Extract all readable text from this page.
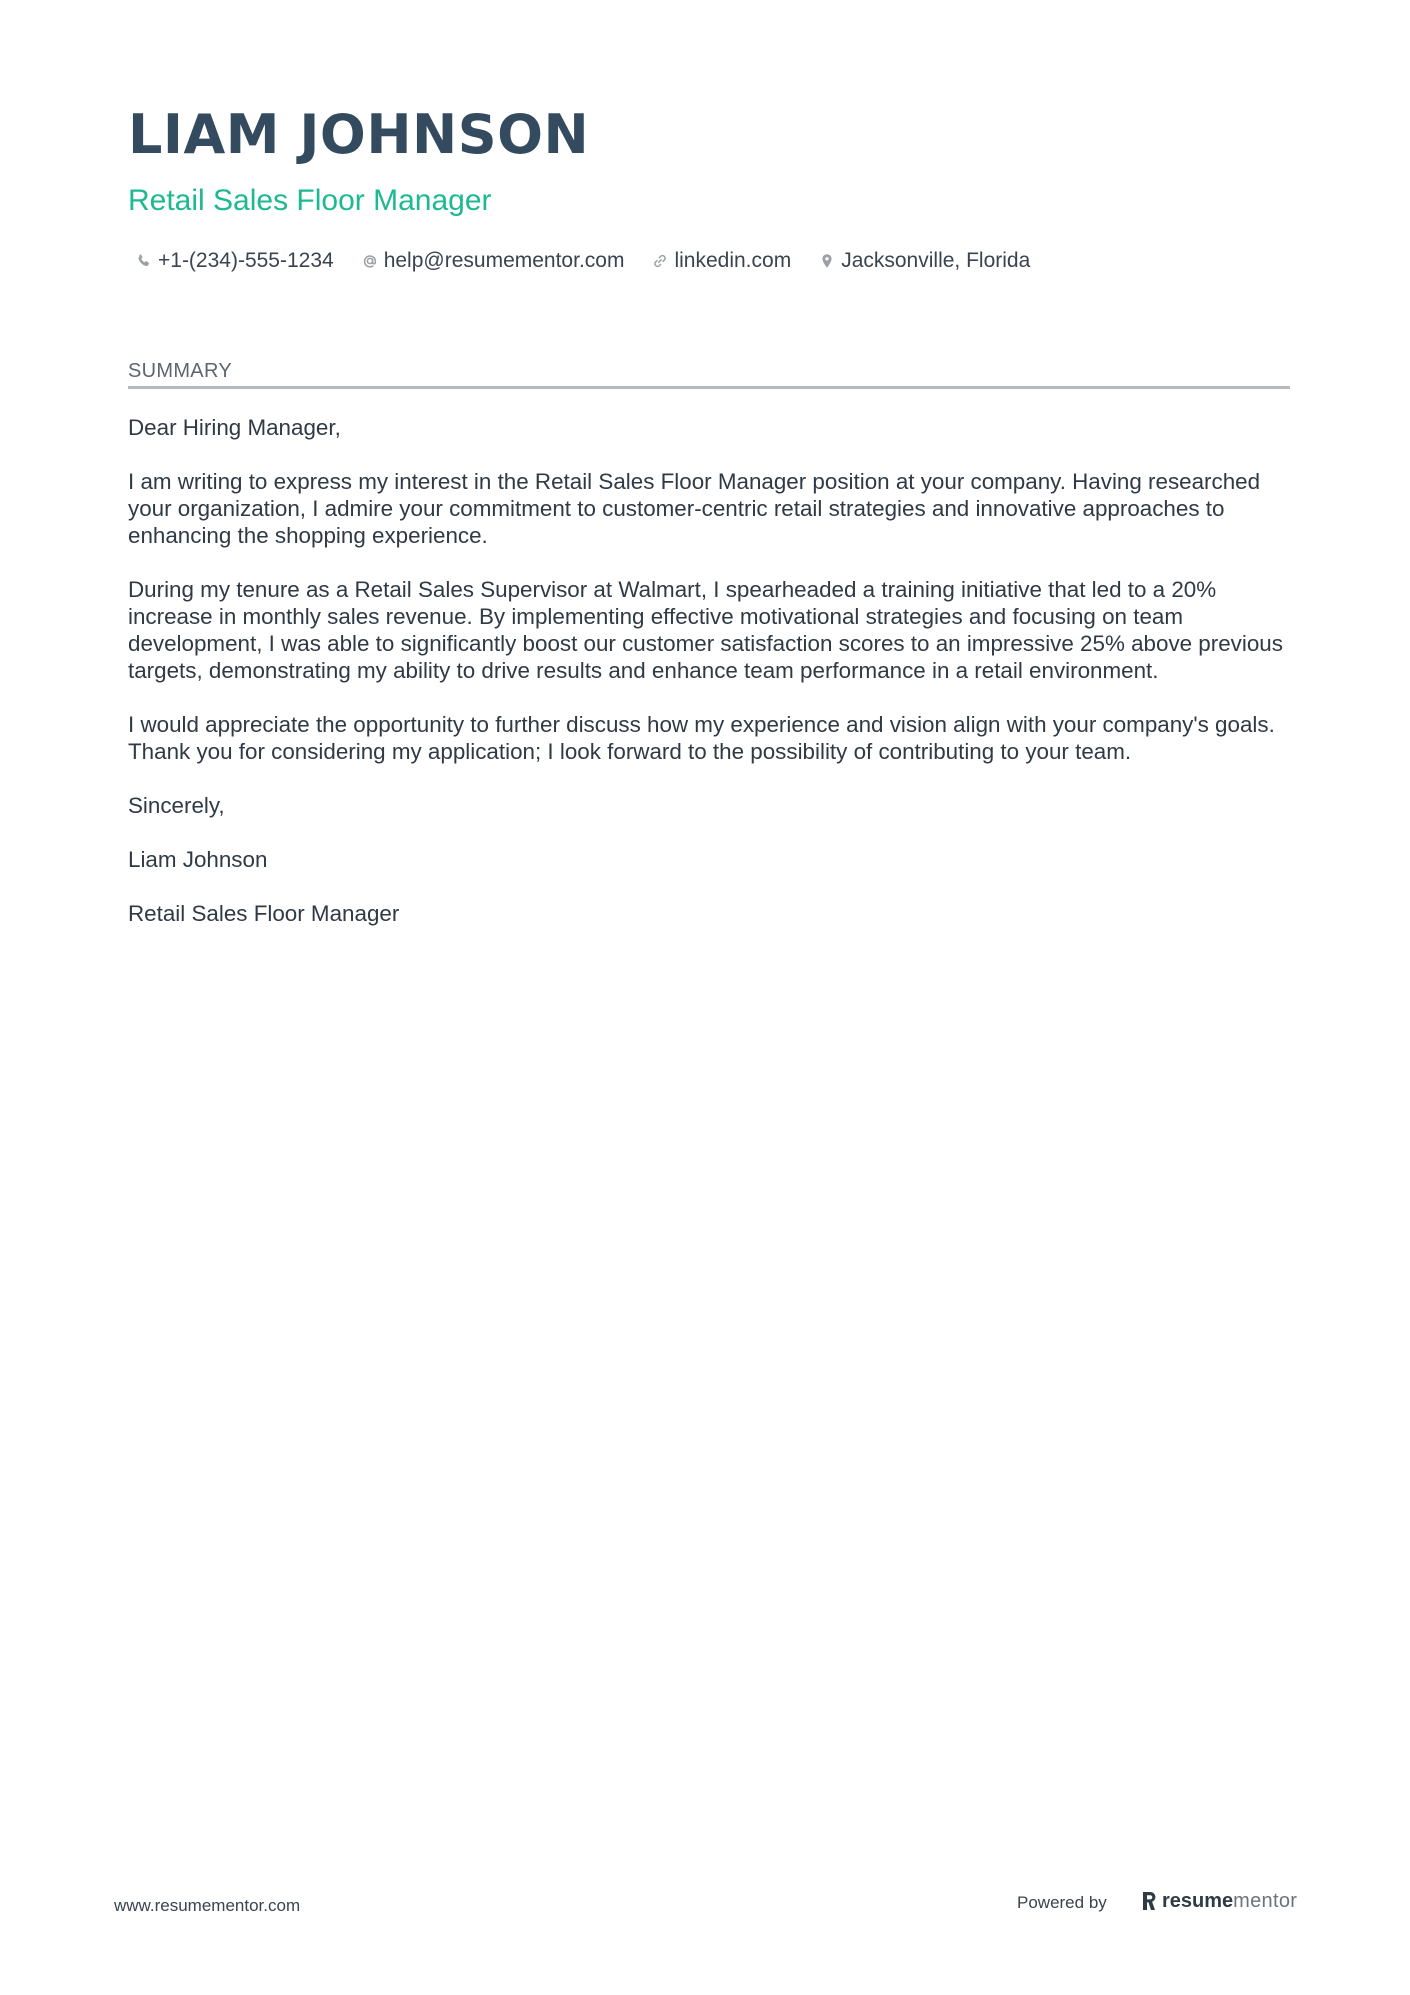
LIAM JOHNSON
Retail Sales Floor Manager
+1-(234)-555-1234 help@resumementor.com linkedin.com Jacksonville, Florida
SUMMARY

Dear Hiring Manager,

I am writing to express my interest in the Retail Sales Floor Manager position at your company. Having researched your organization, I admire your commitment to customer-centric retail strategies and innovative approaches to enhancing the shopping experience.

During my tenure as a Retail Sales Supervisor at Walmart, I spearheaded a training initiative that led to a 20% increase in monthly sales revenue. By implementing effective motivational strategies and focusing on team development, I was able to significantly boost our customer satisfaction scores to an impressive 25% above previous targets, demonstrating my ability to drive results and enhance team performance in a retail environment.

I would appreciate the opportunity to further discuss how my experience and vision align with your company's goals. Thank you for considering my application; I look forward to the possibility of contributing to your team.

Sincerely,

Liam Johnson

Retail Sales Floor Manager

www.resumementor.com	Powered by	resume mentor
